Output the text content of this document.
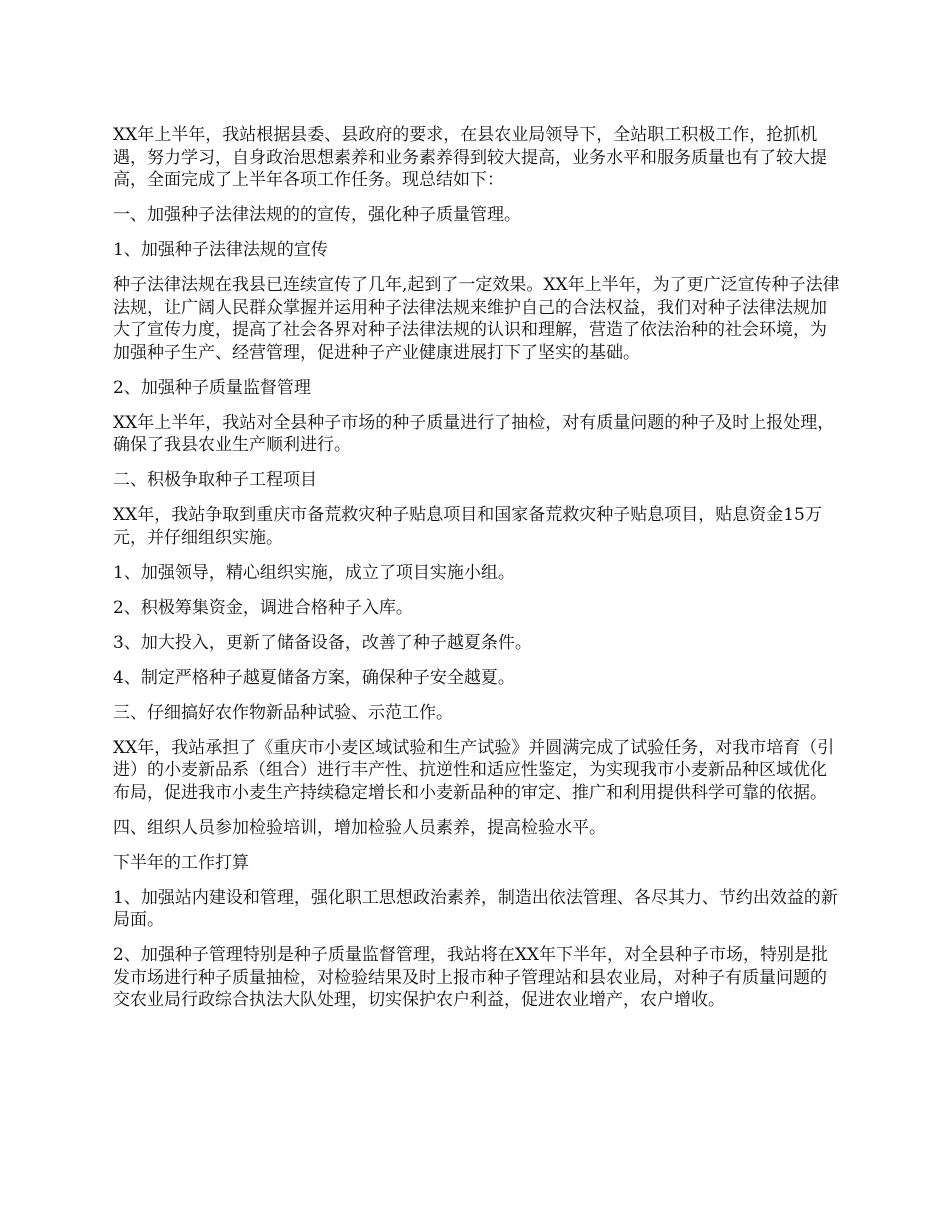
XX年上半年，我站根据县委、县政府的要求，在县农业局领导下，全站职工积极工作，抢抓机遇，努力学习，自身政治思想素养和业务素养得到较大提高，业务水平和服务质量也有了较大提高，全面完成了上半年各项工作任务。现总结如下：

一、加强种子法律法规的的宣传，强化种子质量管理。

1、加强种子法律法规的宣传

种子法律法规在我县已连续宣传了几年,起到了一定效果。XX年上半年，为了更广泛宣传种子法律法规，让广阔人民群众掌握并运用种子法律法规来维护自己的合法权益，我们对种子法律法规加大了宣传力度，提高了社会各界对种子法律法规的认识和理解，营造了依法治种的社会环境，为加强种子生产、经营管理，促进种子产业健康进展打下了坚实的基础。

2、加强种子质量监督管理

XX年上半年，我站对全县种子市场的种子质量进行了抽检，对有质量问题的种子及时上报处理，确保了我县农业生产顺利进行。

二、积极争取种子工程项目

XX年，我站争取到重庆市备荒救灾种子贴息项目和国家备荒救灾种子贴息项目，贴息资金15万元，并仔细组织实施。

1、加强领导，精心组织实施，成立了项目实施小组。

2、积极筹集资金，调进合格种子入库。

3、加大投入，更新了储备设备，改善了种子越夏条件。

4、制定严格种子越夏储备方案，确保种子安全越夏。

三、仔细搞好农作物新品种试验、示范工作。

XX年，我站承担了《重庆市小麦区域试验和生产试验》并圆满完成了试验任务，对我市培育（引进）的小麦新品系（组合）进行丰产性、抗逆性和适应性鉴定，为实现我市小麦新品种区域优化布局，促进我市小麦生产持续稳定增长和小麦新品种的审定、推广和利用提供科学可靠的依据。

四、组织人员参加检验培训，增加检验人员素养，提高检验水平。

下半年的工作打算

1、加强站内建设和管理，强化职工思想政治素养，制造出依法管理、各尽其力、节约出效益的新局面。

2、加强种子管理特别是种子质量监督管理，我站将在XX年下半年，对全县种子市场，特别是批发市场进行种子质量抽检，对检验结果及时上报市种子管理站和县农业局，对种子有质量问题的交农业局行政综合执法大队处理，切实保护农户利益，促进农业增产，农户增收。
